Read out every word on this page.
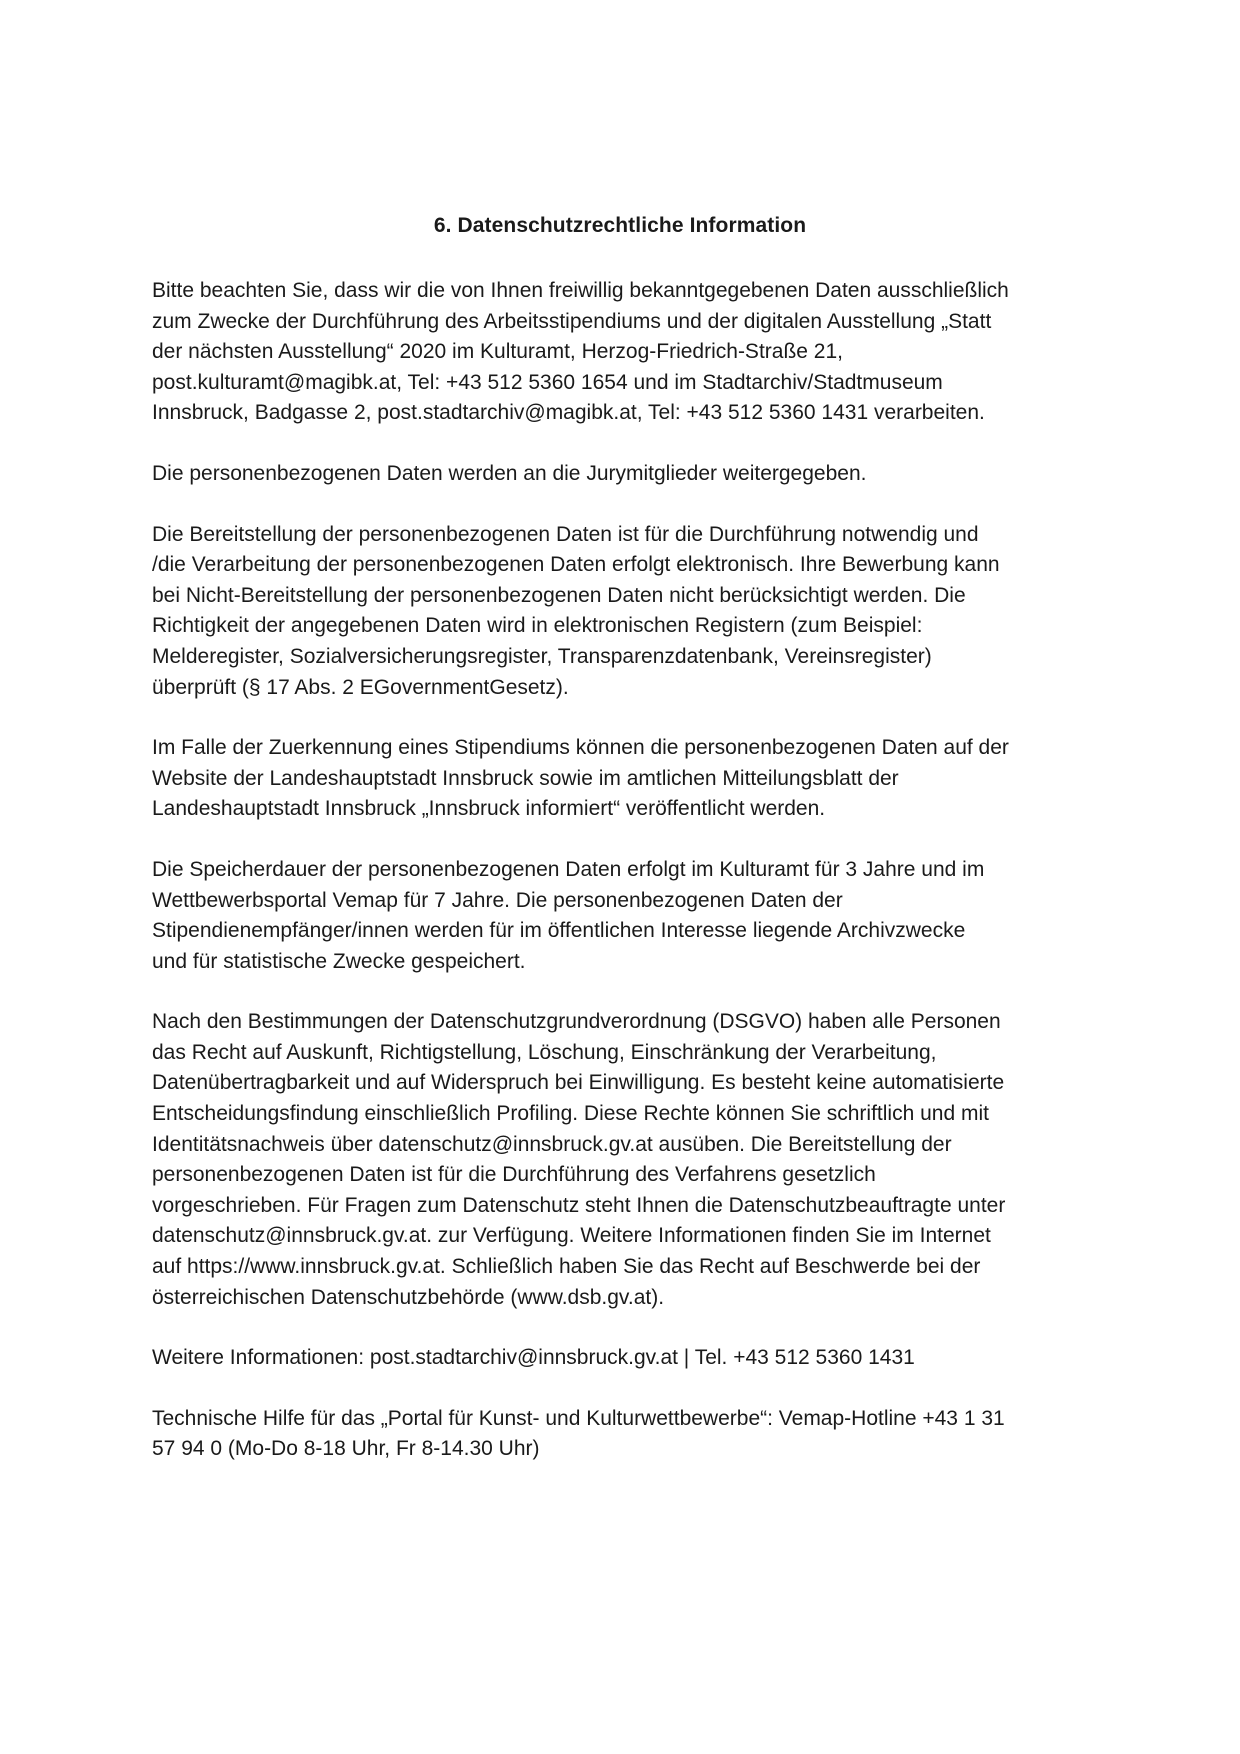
6. Datenschutzrechtliche Information

Bitte beachten Sie, dass wir die von Ihnen freiwillig bekanntgegebenen Daten ausschließlich
zum Zwecke der Durchführung des Arbeitsstipendiums und der digitalen Ausstellung „Statt
der nächsten Ausstellung“ 2020 im Kulturamt, Herzog-Friedrich-Straße 21,
post.kulturamt@magibk.at, Tel: +43 512 5360 1654 und im Stadtarchiv/Stadtmuseum
Innsbruck, Badgasse 2, post.stadtarchiv@magibk.at, Tel: +43 512 5360 1431 verarbeiten.

Die personenbezogenen Daten werden an die Jurymitglieder weitergegeben.

Die Bereitstellung der personenbezogenen Daten ist für die Durchführung notwendig und
/die Verarbeitung der personenbezogenen Daten erfolgt elektronisch. Ihre Bewerbung kann
bei Nicht-Bereitstellung der personenbezogenen Daten nicht berücksichtigt werden. Die
Richtigkeit der angegebenen Daten wird in elektronischen Registern (zum Beispiel:
Melderegister, Sozialversicherungsregister, Transparenzdatenbank, Vereinsregister)
überprüft (§ 17 Abs. 2 EGovernmentGesetz).

Im Falle der Zuerkennung eines Stipendiums können die personenbezogenen Daten auf der
Website der Landeshauptstadt Innsbruck sowie im amtlichen Mitteilungsblatt der
Landeshauptstadt Innsbruck „Innsbruck informiert“ veröffentlicht werden.

Die Speicherdauer der personenbezogenen Daten erfolgt im Kulturamt für 3 Jahre und im
Wettbewerbsportal Vemap für 7 Jahre. Die personenbezogenen Daten der
Stipendienempfänger/innen werden für im öffentlichen Interesse liegende Archivzwecke
und für statistische Zwecke gespeichert.

Nach den Bestimmungen der Datenschutzgrundverordnung (DSGVO) haben alle Personen
das Recht auf Auskunft, Richtigstellung, Löschung, Einschränkung der Verarbeitung,
Datenübertragbarkeit und auf Widerspruch bei Einwilligung. Es besteht keine automatisierte
Entscheidungsfindung einschließlich Profiling. Diese Rechte können Sie schriftlich und mit
Identitätsnachweis über datenschutz@innsbruck.gv.at ausüben. Die Bereitstellung der
personenbezogenen Daten ist für die Durchführung des Verfahrens gesetzlich
vorgeschrieben. Für Fragen zum Datenschutz steht Ihnen die Datenschutzbeauftragte unter
datenschutz@innsbruck.gv.at. zur Verfügung. Weitere Informationen finden Sie im Internet
auf https://www.innsbruck.gv.at. Schließlich haben Sie das Recht auf Beschwerde bei der
österreichischen Datenschutzbehörde (www.dsb.gv.at).

Weitere Informationen: post.stadtarchiv@innsbruck.gv.at | Tel. +43 512 5360 1431

Technische Hilfe für das „Portal für Kunst- und Kulturwettbewerbe“: Vemap-Hotline +43 1 31
57 94 0 (Mo-Do 8-18 Uhr, Fr 8-14.30 Uhr)
